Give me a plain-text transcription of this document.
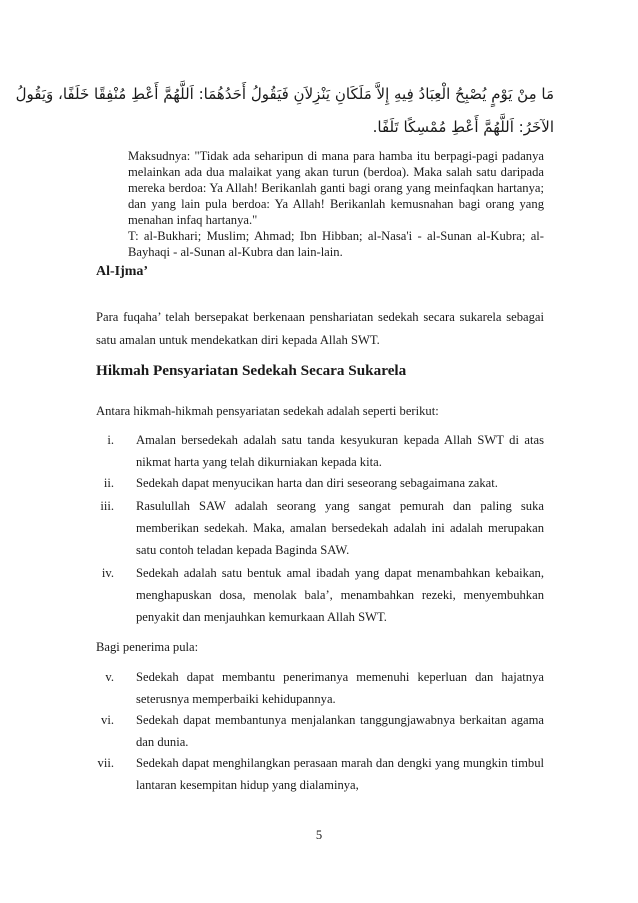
مَا مِنْ يَوْمٍ يُصْبِحُ الْعِبَادُ فِيهِ إِلاَّ مَلَكَانِ يَنْزِلاَنِ فَيَقُولُ أَحَدُهُمَا: اَللَّهُمَّ أَعْطِ مُنْفِقًا خَلَفًا، وَيَقُولُ
الآخَرُ: اَللَّهُمَّ أَعْطِ مُمْسِكًا تَلَفًا.
Maksudnya: "Tidak ada seharipun di mana para hamba itu berpagi-pagi padanya melainkan ada dua malaikat yang akan turun (berdoa). Maka salah satu daripada mereka berdoa: Ya Allah! Berikanlah ganti bagi orang yang meinfaqkan hartanya; dan yang lain pula berdoa: Ya Allah! Berikanlah kemusnahan bagi orang yang menahan infaq hartanya."
T: al-Bukhari; Muslim; Ahmad; Ibn Hibban; al-Nasa'i - al-Sunan al-Kubra; al-Bayhaqi - al-Sunan al-Kubra dan lain-lain.
Al-Ijma’

Para fuqaha’ telah bersepakat berkenaan penshariatan sedekah secara sukarela sebagai satu amalan untuk mendekatkan diri kepada Allah SWT.

Hikmah Pensyariatan Sedekah Secara Sukarela

Antara hikmah-hikmah pensyariatan sedekah adalah seperti berikut:

i. Amalan bersedekah adalah satu tanda kesyukuran kepada Allah SWT di atas nikmat harta yang telah dikurniakan kepada kita.
ii. Sedekah dapat menyucikan harta dan diri seseorang sebagaimana zakat.
iii. Rasulullah SAW adalah seorang yang sangat pemurah dan paling suka memberikan sedekah. Maka, amalan bersedekah adalah ini adalah merupakan satu contoh teladan kepada Baginda SAW.
iv. Sedekah adalah satu bentuk amal ibadah yang dapat menambahkan kebaikan, menghapuskan dosa, menolak bala’, menambahkan rezeki, menyembuhkan penyakit dan menjauhkan kemurkaan Allah SWT.

Bagi penerima pula:

v. Sedekah dapat membantu penerimanya memenuhi keperluan dan hajatnya seterusnya memperbaiki kehidupannya.
vi. Sedekah dapat membantunya menjalankan tanggungjawabnya berkaitan agama dan dunia.
vii. Sedekah dapat menghilangkan perasaan marah dan dengki yang mungkin timbul lantaran kesempitan hidup yang dialaminya,
5
